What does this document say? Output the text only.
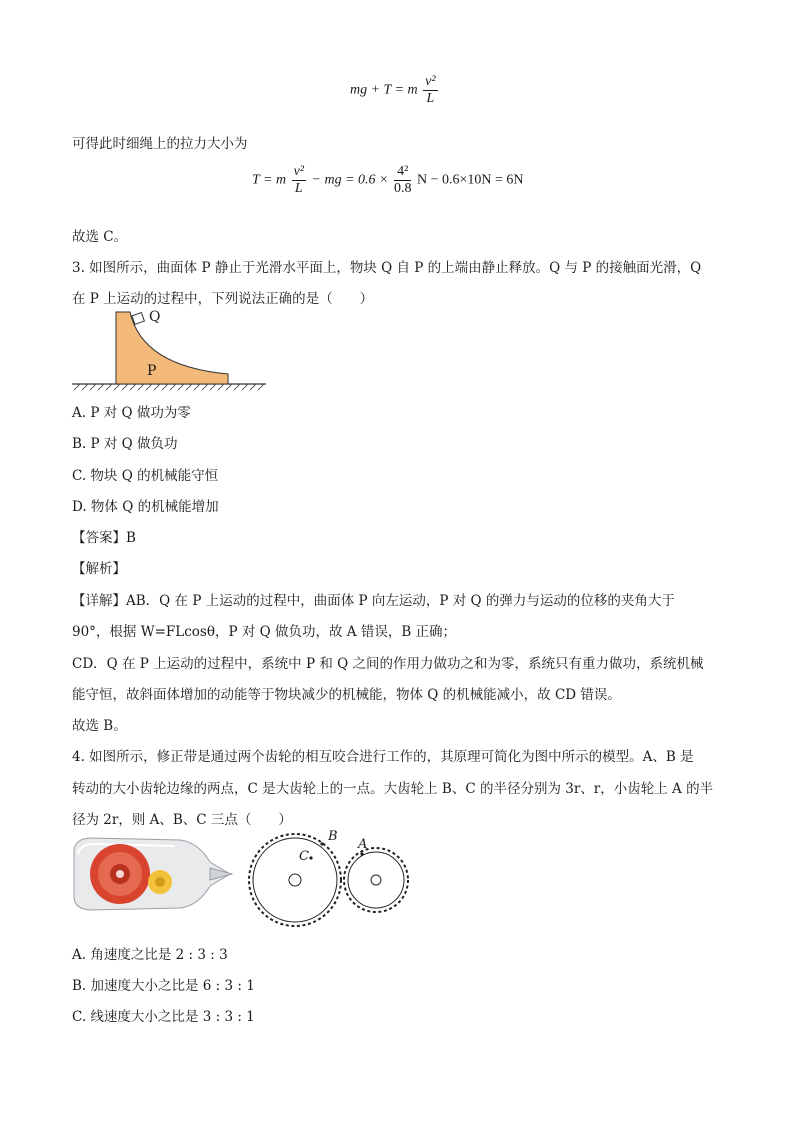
mg + T = m $\frac{\text{v²}}{L}$
可得此时细绳上的拉力大小为
T = m $\frac{\text{v²}}{L}$ − mg = $0.6 \times \frac{\text{4²}}{0.8}$ N − 0.6×10N = 6N
故选 C。
3. 如图所示，曲面体 P 静止于光滑水平面上，物块 Q 自 P 的上端由静止释放。Q 与 P 的接触面光滑，Q
在 P 上运动的过程中，下列说法正确的是（　　）
Q
P
A. P 对 Q 做功为零
B. P 对 Q 做负功
C. 物块 Q 的机械能守恒
D. 物体 Q 的机械能增加
【答案】B
【解析】
【详解】AB．Q 在 P 上运动的过程中，曲面体 P 向左运动，P 对 Q 的弹力与运动的位移的夹角大于
90°，根据 W=FLcosθ，P 对 Q 做负功，故 A 错误，B 正确；
CD．Q 在 P 上运动的过程中，系统中 P 和 Q 之间的作用力做功之和为零，系统只有重力做功，系统机械
能守恒，故斜面体增加的动能等于物块减少的机械能，物体 Q 的机械能减小，故 CD 错误。
故选 B。
4. 如图所示，修正带是通过两个齿轮的相互咬合进行工作的，其原理可简化为图中所示的模型。A、B 是
转动的大小齿轮边缘的两点，C 是大齿轮上的一点。大齿轮上 B、C 的半径分别为 3r、r，小齿轮上 A 的半
径为 2r，则 A、B、C 三点（　　）
B
A
C
A. 角速度之比是 2 : 3 : 3
B. 加速度大小之比是 6 : 3 : 1
C. 线速度大小之比是 3 : 3 : 1
